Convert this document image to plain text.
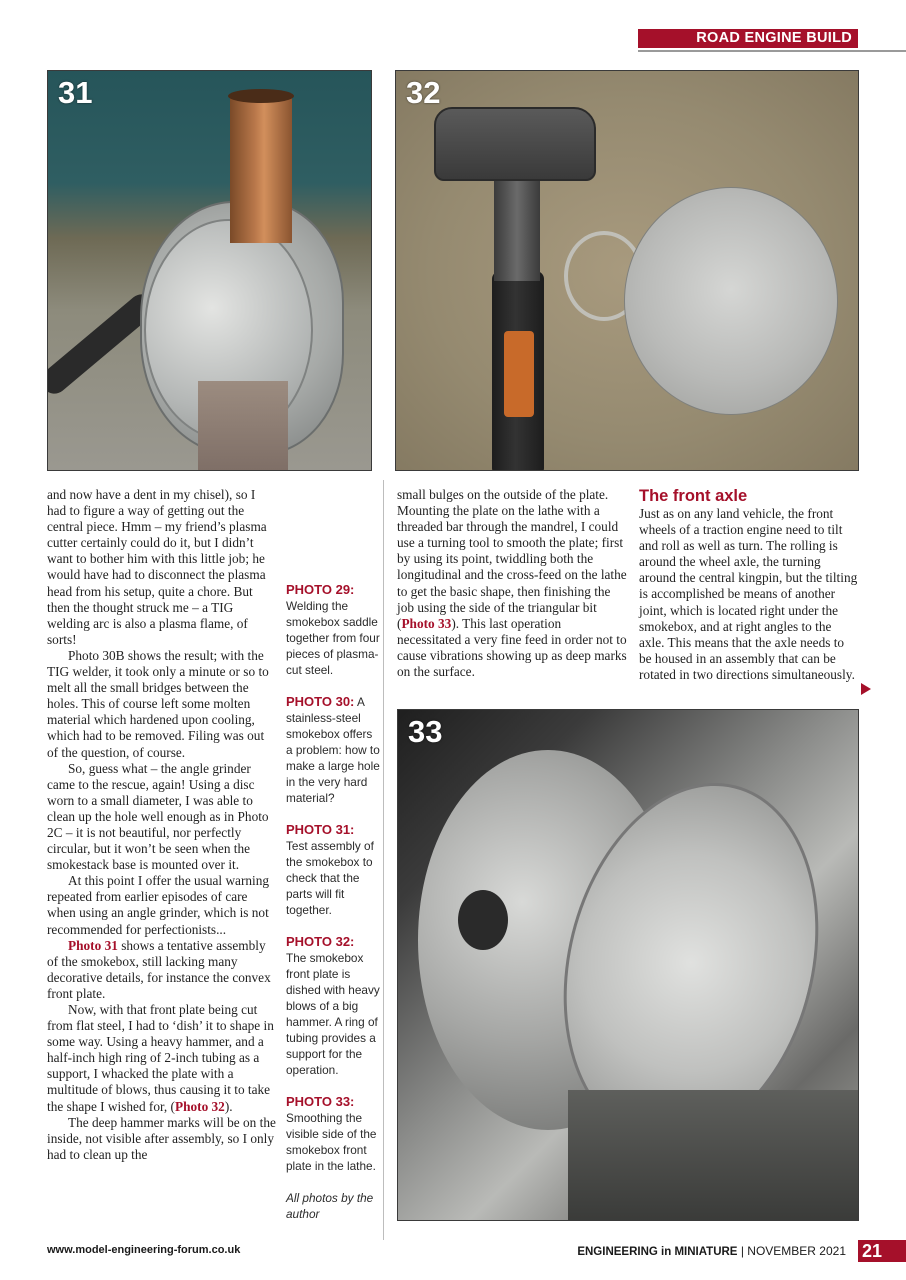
ROAD ENGINE BUILD
31	32

and now have a dent in my chisel), so I had to figure a way of getting out the central piece. Hmm – my friend’s plasma cutter certainly could do it, but I didn’t want to bother him with this little job; he would have had to disconnect the plasma head from his setup, quite a chore. But then the thought struck me – a TIG welding arc is also a plasma flame, of sorts!

Photo 30B shows the result; with the TIG welder, it took only a minute or so to melt all the small bridges between the holes. This of course left some molten material which hardened upon cooling, which had to be removed. Filing was out of the question, of course.

So, guess what – the angle grinder came to the rescue, again! Using a disc worn to a small diameter, I was able to clean up the hole well enough as in Photo 2C – it is not beautiful, nor perfectly circular, but it won’t be seen when the smokestack base is mounted over it.

At this point I offer the usual warning repeated from earlier episodes of care when using an angle grinder, which is not recommended for perfectionists...

Photo 31 shows a tentative assembly of the smokebox, still lacking many decorative details, for instance the convex front plate.

Now, with that front plate being cut from flat steel, I had to ‘dish’ it to shape in some way. Using a heavy hammer, and a half-inch high ring of 2-inch tubing as a support, I whacked the plate with a multitude of blows, thus causing it to take the shape I wished for, (Photo 32).

The deep hammer marks will be on the inside, not visible after assembly, so I only had to clean up the

PHOTO 29: Welding the smokebox saddle together from four pieces of plasma-cut steel.
PHOTO 30: A stainless-steel smokebox offers a problem: how to make a large hole in the very hard material?
PHOTO 31:
Test assembly of the smokebox to check that the parts will fit together.
PHOTO 32:
The smokebox front plate is dished with heavy blows of a big hammer. A ring of tubing provides a support for the operation.
PHOTO 33:
Smoothing the visible side of the smokebox front plate in the lathe.
All photos by the author

small bulges on the outside of the plate. Mounting the plate on the lathe with a threaded bar through the mandrel, I could use a turning tool to smooth the plate; first by using its point, twiddling both the longitudinal and the cross-feed on the lathe to get the basic shape, then finishing the job using the side of the triangular bit (Photo 33). This last operation necessitated a very fine feed in order not to cause vibrations showing up as deep marks on the surface.

The front axle

Just as on any land vehicle, the front wheels of a traction engine need to tilt and roll as well as turn. The rolling is around the wheel axle, the turning around the central kingpin, but the tilting is accomplished be means of another joint, which is located right under the smokebox, and at right angles to the axle. This means that the axle needs to be housed in an assembly that can be rotated in two directions simultaneously.

33
www.model-engineering-forum.co.uk	ENGINEERING in MINIATURE | NOVEMBER 2021 21
